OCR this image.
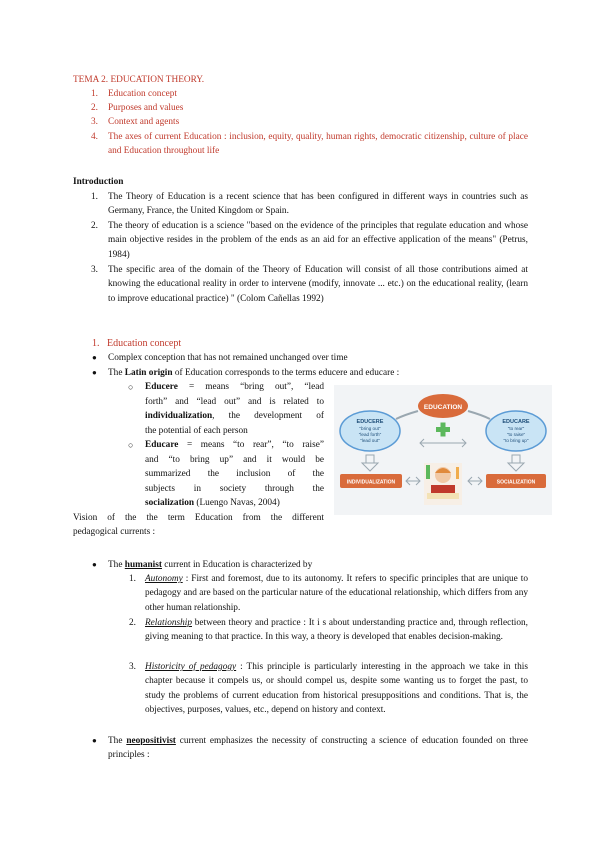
TEMA 2. EDUCATION THEORY.
1. Education concept
2. Purposes and values
3. Context and agents
4. The axes of current Education : inclusion, equity, quality, human rights, democratic citizenship, culture of place and Education throughout life
Introduction
1. The Theory of Education is a recent science that has been configured in different ways in countries such as Germany, France, the United Kingdom or Spain.
2. The theory of education is a science "based on the evidence of the principles that regulate education and whose main objective resides in the problem of the ends as an aid for an effective application of the means" (Petrus, 1984)
3. The specific area of the domain of the Theory of Education will consist of all those contributions aimed at knowing the educational reality in order to intervene (modify, innovate ... etc.) on the educational reality, (learn to improve educational practice) " (Colom Cañellas 1992)
1.   Education concept
● Complex conception that has not remained unchanged over time
● The Latin origin of Education corresponds to the terms educere and educare :
○ Educere = means “bring out”, “lead
forth” and “lead out” and is related to
individualization, the development of
the potential of each person
○ Educare = means “to rear”, “to raise”
and “to bring up” and it would be
summarized the inclusion of the
subjects in society through the
socialization (Luengo Navas, 2004)
Vision of the the term Education from the different
pedagogical currents :
EDUCATION
EDUCERE
"bring out"
"lead forth"
"lead out"
EDUCARE
"to rear"
"to raise"
"to bring up"
INDIVIDUALIZATION	SOCIALIZATION
● The humanist current in Education is characterized by
1. Autonomy : First and foremost, due to its autonomy. It refers to specific principles that are unique to pedagogy and are based on the particular nature of the educational relationship, which differs from any other human relationship.
2. Relationship between theory and practice : It i s about understanding practice and, through reflection, giving meaning to that practice. In this way, a theory is developed that enables decision-making.
3. Historicity of pedagogy : This principle is particularly interesting in the approach we take in this chapter because it compels us, or should compel us, despite some wanting us to forget the past, to study the problems of current education from historical presuppositions and conditions. That is, the objectives, purposes, values, etc., depend on history and context.
● The neopositivist current emphasizes the necessity of constructing a science of education founded on three principles :
